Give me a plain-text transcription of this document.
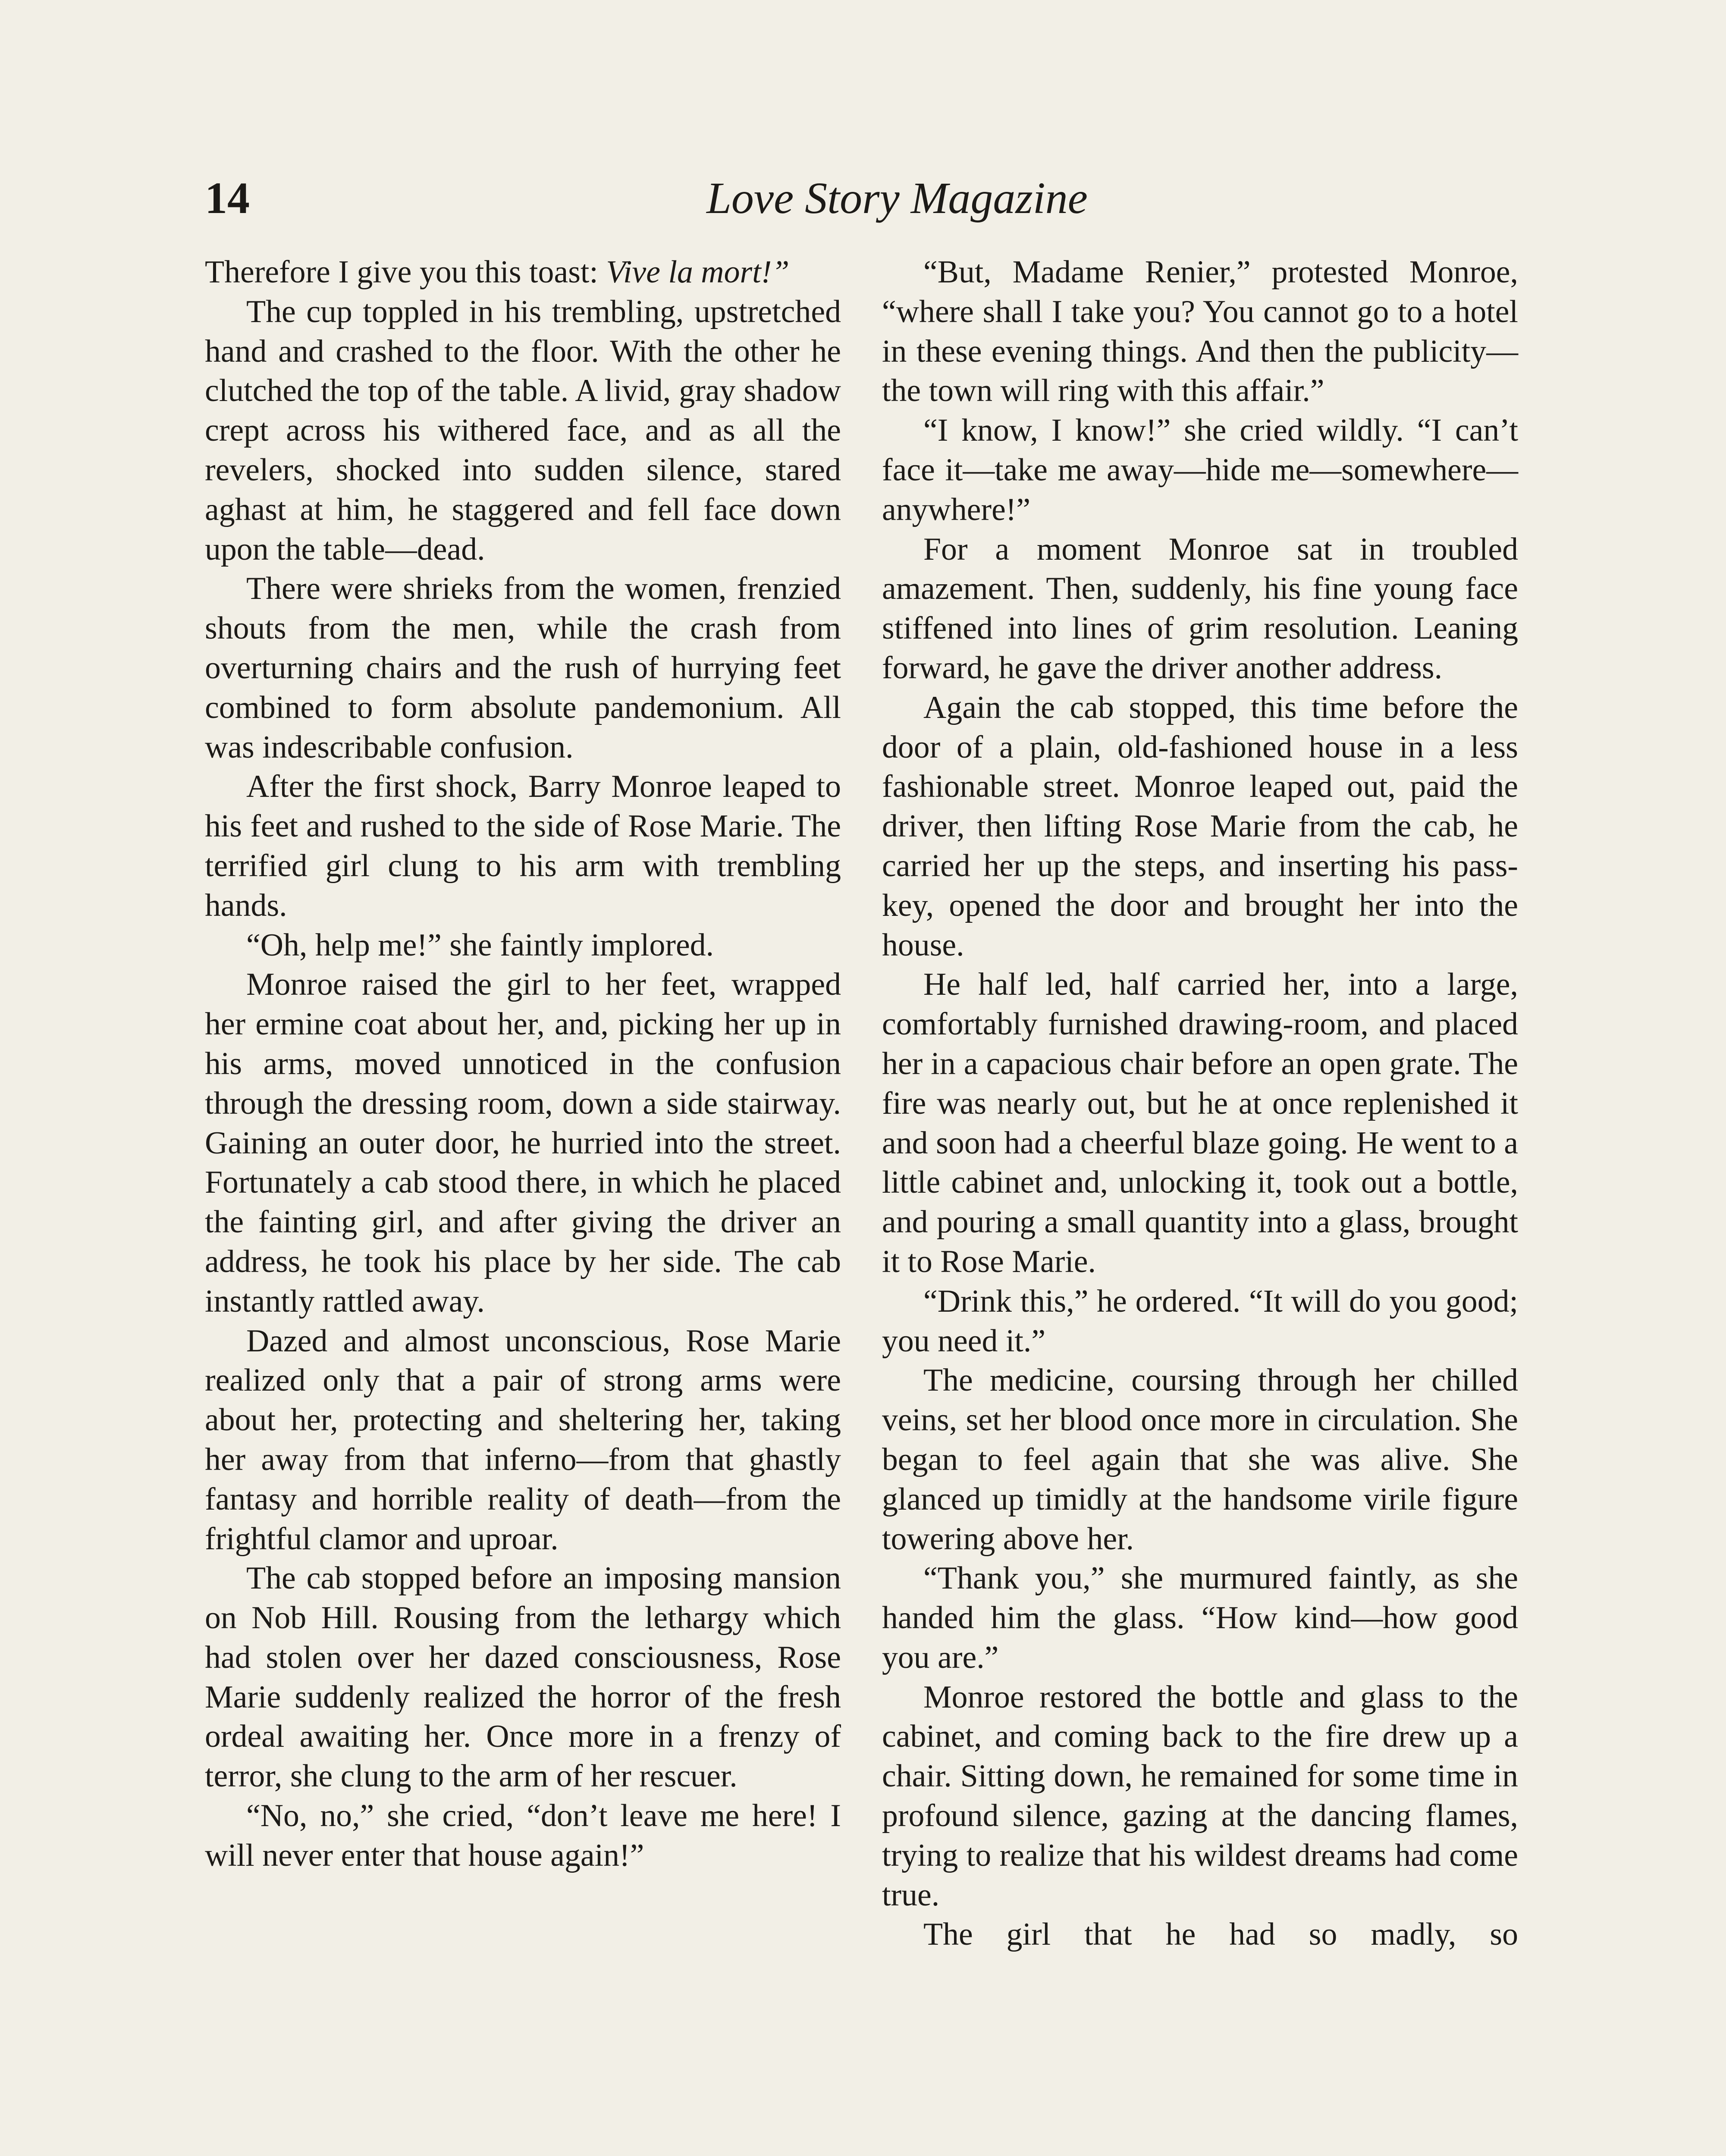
14	Love Story Magazine

Therefore I give you this toast: Vive la mort!”

The cup toppled in his trembling, upstretched hand and crashed to the floor. With the other he clutched the top of the table. A livid, gray shadow crept across his withered face, and as all the revelers, shocked into sudden silence, stared aghast at him, he staggered and fell face down upon the table—dead.

There were shrieks from the women, frenzied shouts from the men, while the crash from overturning chairs and the rush of hurrying feet combined to form absolute pandemonium. All was indescribable confusion.

After the first shock, Barry Monroe leaped to his feet and rushed to the side of Rose Marie. The terrified girl clung to his arm with trembling hands.

“Oh, help me!” she faintly implored.

Monroe raised the girl to her feet, wrapped her ermine coat about her, and, picking her up in his arms, moved unnoticed in the confusion through the dressing room, down a side stairway. Gaining an outer door, he hurried into the street. Fortunately a cab stood there, in which he placed the fainting girl, and after giving the driver an address, he took his place by her side. The cab instantly rattled away.

Dazed and almost unconscious, Rose Marie realized only that a pair of strong arms were about her, protecting and sheltering her, taking her away from that inferno—from that ghastly fantasy and horrible reality of death—from the frightful clamor and uproar.

The cab stopped before an imposing mansion on Nob Hill. Rousing from the lethargy which had stolen over her dazed consciousness, Rose Marie suddenly realized the horror of the fresh ordeal awaiting her. Once more in a frenzy of terror, she clung to the arm of her rescuer.

“No, no,” she cried, “don’t leave me here! I will never enter that house again!”

“But, Madame Renier,” protested Monroe, “where shall I take you? You cannot go to a hotel in these evening things. And then the publicity—the town will ring with this affair.”

“I know, I know!” she cried wildly. “I can’t face it—take me away—hide me—somewhere—anywhere!”

For a moment Monroe sat in troubled amazement. Then, suddenly, his fine young face stiffened into lines of grim resolution. Leaning forward, he gave the driver another address.

Again the cab stopped, this time before the door of a plain, old-fashioned house in a less fashionable street. Monroe leaped out, paid the driver, then lifting Rose Marie from the cab, he carried her up the steps, and inserting his pass-key, opened the door and brought her into the house.

He half led, half carried her, into a large, comfortably furnished drawing-room, and placed her in a capacious chair before an open grate. The fire was nearly out, but he at once replenished it and soon had a cheerful blaze going. He went to a little cabinet and, unlocking it, took out a bottle, and pouring a small quantity into a glass, brought it to Rose Marie.

“Drink this,” he ordered. “It will do you good; you need it.”

The medicine, coursing through her chilled veins, set her blood once more in circulation. She began to feel again that she was alive. She glanced up timidly at the handsome virile figure towering above her.

“Thank you,” she murmured faintly, as she handed him the glass. “How kind—how good you are.”

Monroe restored the bottle and glass to the cabinet, and coming back to the fire drew up a chair. Sitting down, he remained for some time in profound silence, gazing at the dancing flames, trying to realize that his wildest dreams had come true.

The girl that he had so madly, so
